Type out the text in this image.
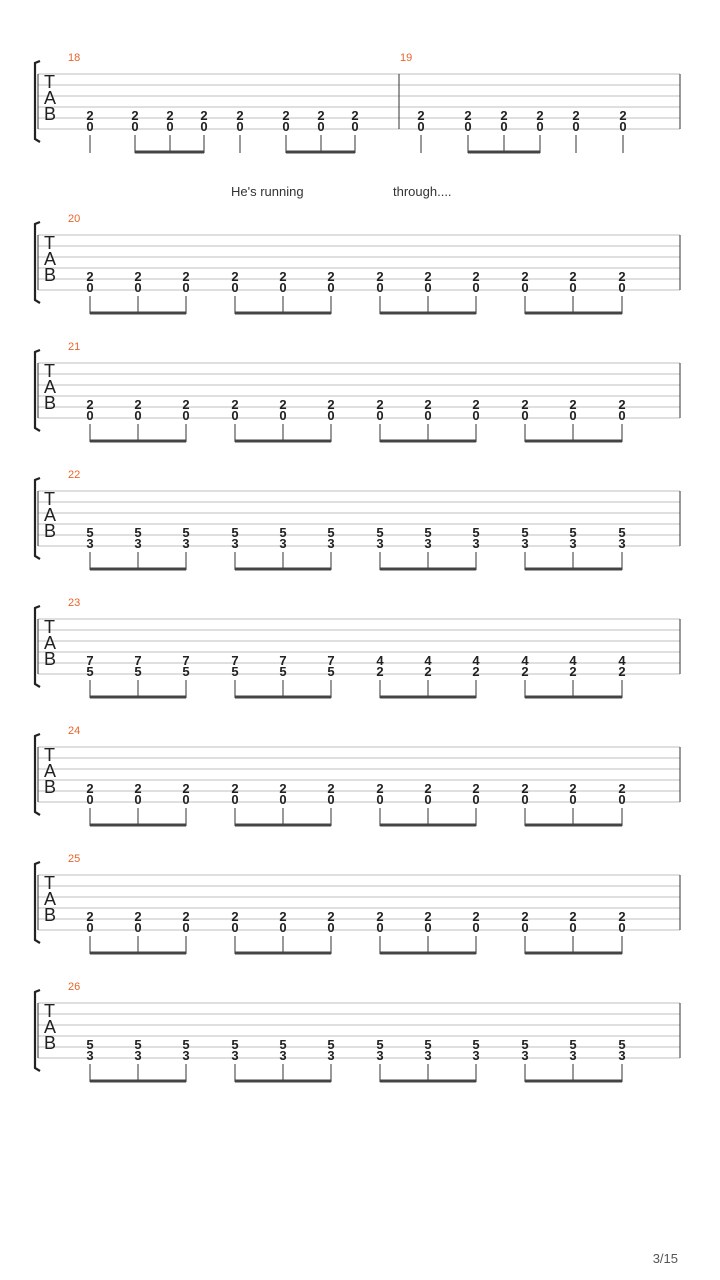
He's running	through....
3/15
T
A
B
18
2
0
2
0
2
0
2
0
2
0
2
0
2
0
2
0
19
2
0
2
0
2
0
2
0
2
0
2
0
T
A
B
20
2
0
2
0
2
0
2
0
2
0
2
0
2
0
2
0
2
0
2
0
2
0
2
0
T
A
B
21
2
0
2
0
2
0
2
0
2
0
2
0
2
0
2
0
2
0
2
0
2
0
2
0
T
A
B
22
5
3
5
3
5
3
5
3
5
3
5
3
5
3
5
3
5
3
5
3
5
3
5
3
T
A
B
23
7
5
7
5
7
5
7
5
7
5
7
5
4
2
4
2
4
2
4
2
4
2
4
2
T
A
B
24
2
0
2
0
2
0
2
0
2
0
2
0
2
0
2
0
2
0
2
0
2
0
2
0
T
A
B
25
2
0
2
0
2
0
2
0
2
0
2
0
2
0
2
0
2
0
2
0
2
0
2
0
T
A
B
26
5
3
5
3
5
3
5
3
5
3
5
3
5
3
5
3
5
3
5
3
5
3
5
3
